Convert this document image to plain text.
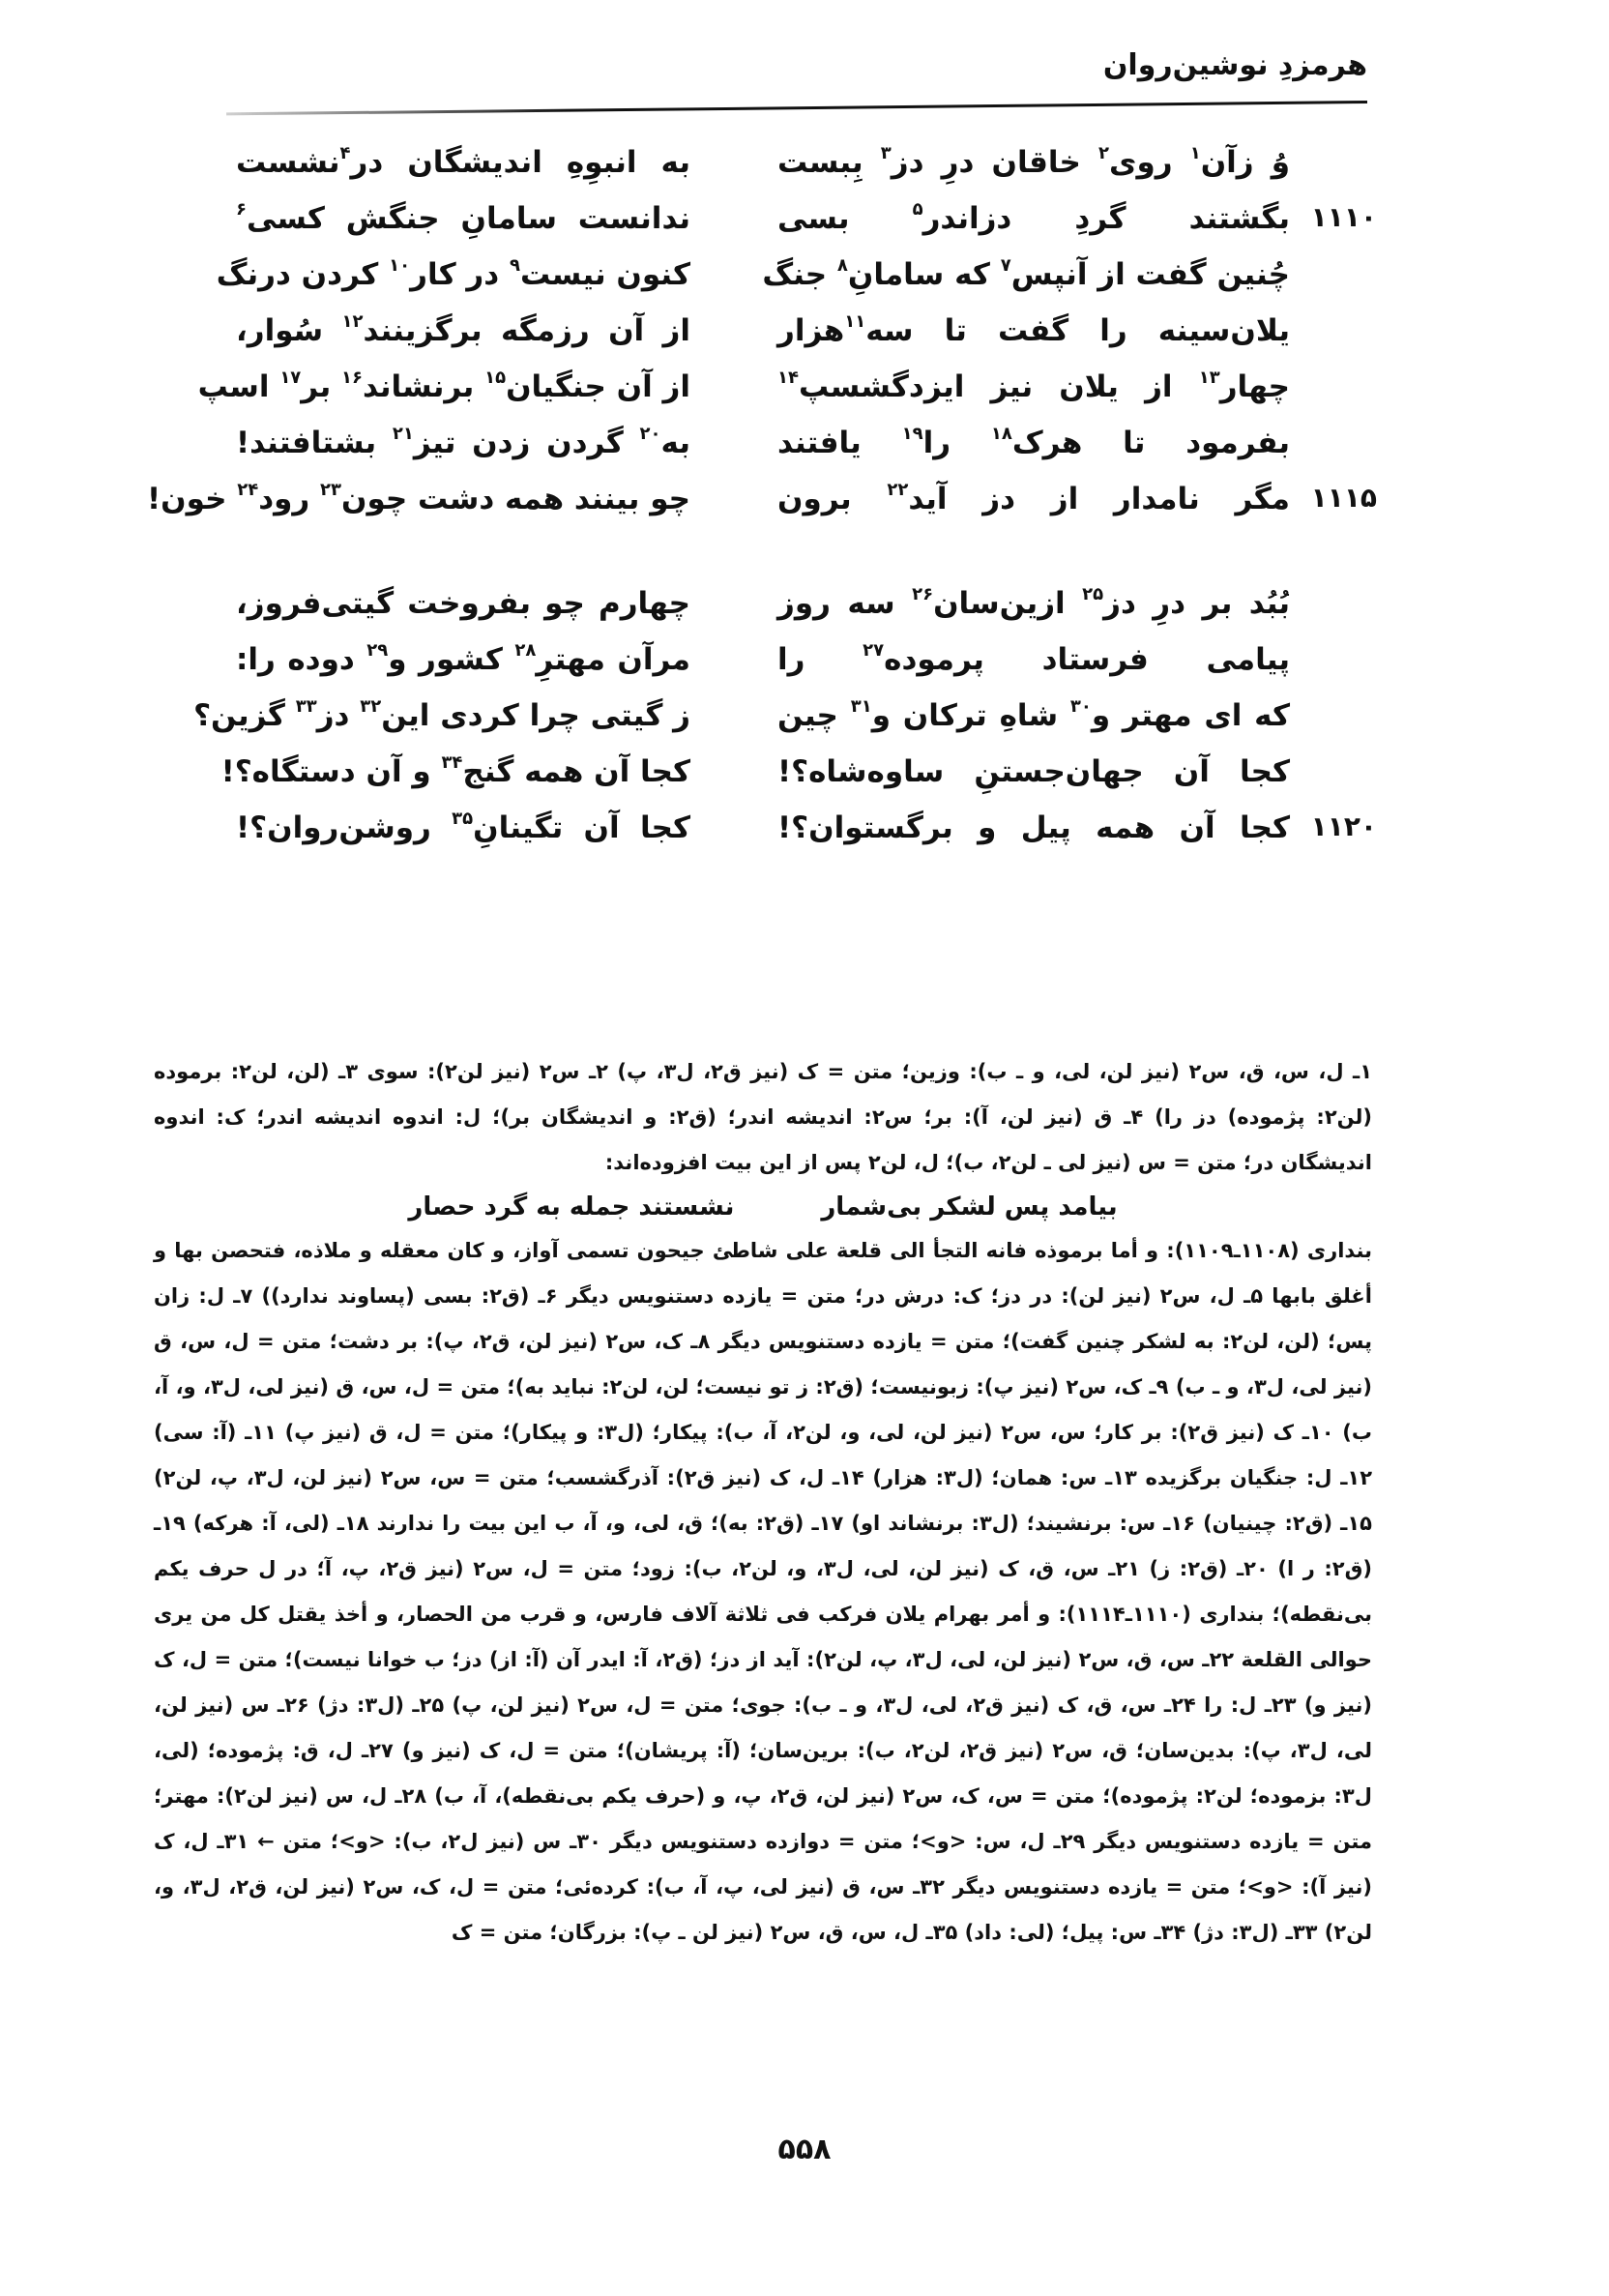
هرمزدِ نوشین‌روان
وُ زآن$^۱$ روی$^۲$ خاقان درِ دز$^۳$ بِبست
به انبوِهِ اندیشگان در$^۴$نشست
۱۱۱۰
بگشتند گردِ دزاندر$^۵$ بسی
ندانست سامانِ جنگش کسی$^۶$
چُنین گفت از آنپس$^۷$ که سامانِ$^۸$ جنگ
کنون نیست$^۹$ در کار$^{۱۰}$ کردن درنگ
یلان‌سینه را گفت تا سه$^{۱۱}$هزار
از آن رزمگه برگزینند$^{۱۲}$ سُوار،
چهار$^{۱۳}$ از یلان نیز ایزدگشسپ$^{۱۴}$
از آن جنگیان$^{۱۵}$ برنشاند$^{۱۶}$ بر$^{۱۷}$ اسپ
بفرمود تا هرک$^{۱۸}$ را$^{۱۹}$ یافتند
به$^{۲۰}$ گردن زدن تیز$^{۲۱}$ بشتافتند!
۱۱۱۵
مگر نامدار از دز آید$^{۲۲}$ برون
چو بینند همه دشت چون$^{۲۳}$ رود$^{۲۴}$ خون!
بُبُد بر درِ دز$^{۲۵}$ ازین‌سان$^{۲۶}$ سه روز
چهارم چو بفروخت گیتی‌فروز،
پیامی فرستاد پرموده$^{۲۷}$ را
مرآن مهترِ$^{۲۸}$ کشور و$^{۲۹}$ دوده را:
که ای مهتر و$^{۳۰}$ شاهِ ترکان و$^{۳۱}$ چین
ز گیتی چرا کردی این$^{۳۲}$ دز$^{۳۳}$ گزین؟
کجا آن جهان‌جستنِ ساوه‌شاه؟!
کجا آن همه گنج$^{۳۴}$ و آن دستگاه؟!
۱۱۲۰
کجا آن همه پیل و برگستوان؟!
کجا آن تگینانِ$^{۳۵}$ روشن‌روان؟!

۱ـ ل، س، ق، س۲ (نیز لن، لی، و ـ ب): وزین؛ متن = ک (نیز ق۲، ل۳، پ) ۲ـ س۲ (نیز لن۲): سوی ۳ـ (لن، لن۲: برموده (لن۲: پژموده) دز را) ۴ـ ق (نیز لن، آ): بر؛ س۲: اندیشه اندر؛ (ق۲: و اندیشگان بر)؛ ل: اندوه اندیشه اندر؛ ک: اندوه اندیشگان در؛ متن = س (نیز لی ـ لن۲، ب)؛ ل، لن۲ پس از این بیت افزوده‌اند:

بیامد پس لشکر بی‌شمار
نشستند جمله به گرد حصار

بنداری (۱۱۰۸ـ۱۱۰۹): و أما برموذه فانه التجأ الی قلعة علی شاطئ جیحون تسمی آواز، و کان معقله و ملاذه، فتحصن بها و أغلق بابها ۵ـ ل، س۲ (نیز لن): در دز؛ ک: درش در؛ متن = یازده دستنویس دیگر ۶ـ (ق۲: بسی (پساوند ندارد)) ۷ـ ل: زان پس؛ (لن، لن۲: به لشکر چنین گفت)؛ متن = یازده دستنویس دیگر ۸ـ ک، س۲ (نیز لن، ق۲، پ): بر دشت؛ متن = ل، س، ق (نیز لی، ل۳، و ـ ب) ۹ـ ک، س۲ (نیز پ): زبونیست؛ (ق۲: ز تو نیست؛ لن، لن۲: نباید به)؛ متن = ل، س، ق (نیز لی، ل۳، و، آ، ب) ۱۰ـ ک (نیز ق۲): بر کار؛ س، س۲ (نیز لن، لی، و، لن۲، آ، ب): پیکار؛ (ل۳: و پیکار)؛ متن = ل، ق (نیز پ) ۱۱ـ (آ: سی) ۱۲ـ ل: جنگیان برگزیده ۱۳ـ س: همان؛ (ل۳: هزار) ۱۴ـ ل، ک (نیز ق۲): آذرگشسب؛ متن = س، س۲ (نیز لن، ل۳، پ، لن۲) ۱۵ـ (ق۲: چینیان) ۱۶ـ س: برنشیند؛ (ل۳: برنشاند او) ۱۷ـ (ق۲: به)؛ ق، لی، و، آ، ب این بیت را ندارند ۱۸ـ (لی، آ: هرکه) ۱۹ـ (ق۲: ر ا) ۲۰ـ (ق۲: ز) ۲۱ـ س، ق، ک (نیز لن، لی، ل۳، و، لن۲، ب): زود؛ متن = ل، س۲ (نیز ق۲، پ، آ؛ در ل حرف یکم بی‌نقطه)؛ بنداری (۱۱۱۰ـ۱۱۱۴): و أمر بهرام یلان فرکب فی ثلاثة آلاف فارس، و قرب من الحصار، و أخذ یقتل کل من یری حوالی القلعة ۲۲ـ س، ق، س۲ (نیز لن، لی، ل۳، پ، لن۲): آید از دز؛ (ق۲، آ: ایدر آن (آ: از) دز؛ ب خوانا نیست)؛ متن = ل، ک (نیز و) ۲۳ـ ل: را ۲۴ـ س، ق، ک (نیز ق۲، لی، ل۳، و ـ ب): جوی؛ متن = ل، س۲ (نیز لن، پ) ۲۵ـ (ل۳: دژ) ۲۶ـ س (نیز لن، لی، ل۳، پ): بدین‌سان؛ ق، س۲ (نیز ق۲، لن۲، ب): برین‌سان؛ (آ: پریشان)؛ متن = ل، ک (نیز و) ۲۷ـ ل، ق: پژموده؛ (لی، ل۳: بزموده؛ لن۲: پژموده)؛ متن = س، ک، س۲ (نیز لن، ق۲، پ، و (حرف یکم بی‌نقطه)، آ، ب) ۲۸ـ ل، س (نیز لن۲): مهتر؛ متن = یازده دستنویس دیگر ۲۹ـ ل، س: <و>؛ متن = دوازده دستنویس دیگر ۳۰ـ س (نیز ل۲، ب): <و>؛ متن ← ۳۱ـ ل، ک (نیز آ): <و>؛ متن = یازده دستنویس دیگر ۳۲ـ س، ق (نیز لی، پ، آ، ب): کرده‌ئی؛ متن = ل، ک، س۲ (نیز لن، ق۲، ل۳، و، لن۲) ۳۳ـ (ل۳: دژ) ۳۴ـ س: پیل؛ (لی: داد) ۳۵ـ ل، س، ق، س۲ (نیز لن ـ پ): بزرگان؛ متن = ک

۵۵۸
